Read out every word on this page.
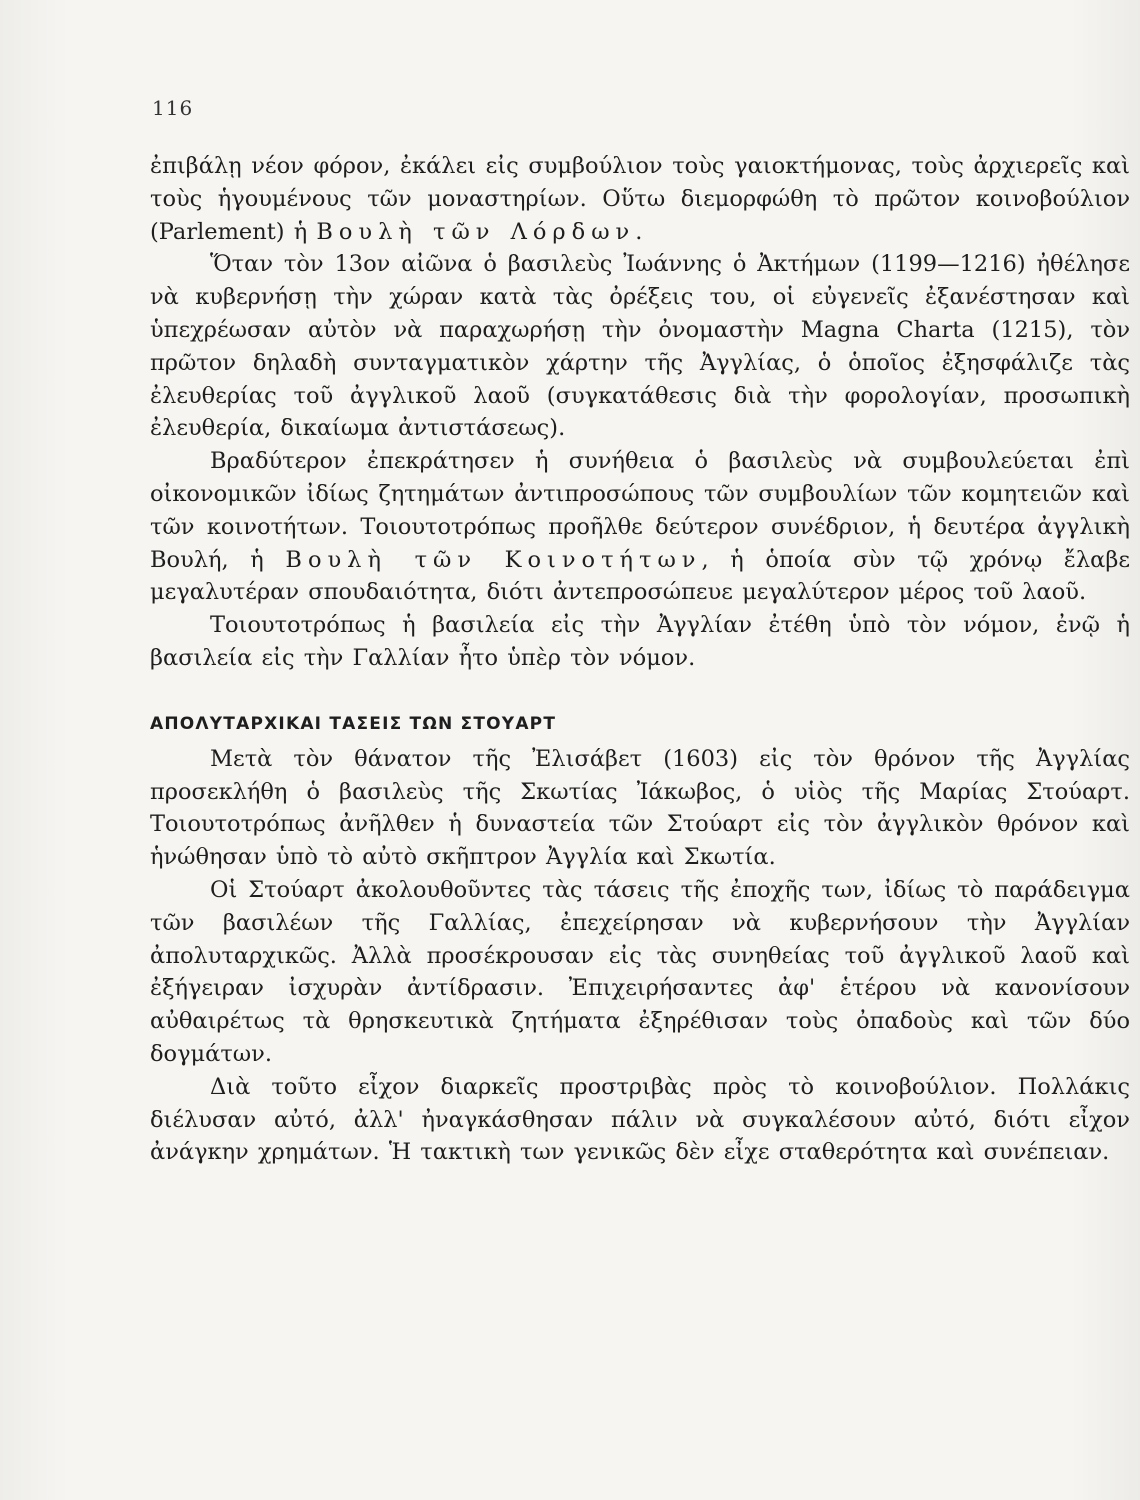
116

ἐπιβάλῃ νέον φόρον, ἐκάλει εἰς συμβούλιον τοὺς γαιοκτήμονας, τοὺς ἀρχιερεῖς καὶ τοὺς ἡγουμένους τῶν μοναστηρίων. Οὕτω διεμορφώθη τὸ πρῶτον κοινοβούλιον (Parlement) ἡ Βουλὴ τῶν Λόρδων.

Ὅταν τὸν 13ον αἰῶνα ὁ βασιλεὺς Ἰωάννης ὁ Ἀκτήμων (1199—1216) ἠθέλησε νὰ κυβερνήσῃ τὴν χώραν κατὰ τὰς ὀρέξεις του, οἱ εὐγενεῖς ἐξανέστησαν καὶ ὑπεχρέωσαν αὐτὸν νὰ παραχωρήσῃ τὴν ὀνομαστὴν Magna Charta (1215), τὸν πρῶτον δηλαδὴ συνταγματικὸν χάρτην τῆς Ἀγγλίας, ὁ ὁποῖος ἐξησφάλιζε τὰς ἐλευθερίας τοῦ ἀγγλικοῦ λαοῦ (συγκατάθεσις διὰ τὴν φορολογίαν, προσωπικὴ ἐλευθερία, δικαίωμα ἀντιστάσεως).

Βραδύτερον ἐπεκράτησεν ἡ συνήθεια ὁ βασιλεὺς νὰ συμβουλεύεται ἐπὶ οἰκονομικῶν ἰδίως ζητημάτων ἀντιπροσώπους τῶν συμβουλίων τῶν κομητειῶν καὶ τῶν κοινοτήτων. Τοιουτοτρόπως προῆλθε δεύτερον συνέδριον, ἡ δευτέρα ἀγγλικὴ Βουλή, ἡ Βουλὴ τῶν Κοινοτήτων, ἡ ὁποία σὺν τῷ χρόνῳ ἔλαβε μεγαλυτέραν σπουδαιότητα, διότι ἀντεπροσώπευε μεγαλύτερον μέρος τοῦ λαοῦ.

Τοιουτοτρόπως ἡ βασιλεία εἰς τὴν Ἀγγλίαν ἐτέθη ὑπὸ τὸν νόμον, ἐνῷ ἡ βασιλεία εἰς τὴν Γαλλίαν ἦτο ὑπὲρ τὸν νόμον.

ΑΠΟΛΥΤΑΡΧΙΚΑΙ ΤΑΣΕΙΣ ΤΩΝ ΣΤΟΥΑΡΤ

Μετὰ τὸν θάνατον τῆς Ἐλισάβετ (1603) εἰς τὸν θρόνον τῆς Ἀγγλίας προσεκλήθη ὁ βασιλεὺς τῆς Σκωτίας Ἰάκωβος, ὁ υἱὸς τῆς Μαρίας Στούαρτ. Τοιουτοτρόπως ἀνῆλθεν ἡ δυναστεία τῶν Στούαρτ εἰς τὸν ἀγγλικὸν θρόνον καὶ ἡνώθησαν ὑπὸ τὸ αὐτὸ σκῆπτρον Ἀγγλία καὶ Σκωτία.

Οἱ Στούαρτ ἀκολουθοῦντες τὰς τάσεις τῆς ἐποχῆς των, ἰδίως τὸ παράδειγμα τῶν βασιλέων τῆς Γαλλίας, ἐπεχείρησαν νὰ κυβερνήσουν τὴν Ἀγγλίαν ἀπολυταρχικῶς. Ἀλλὰ προσέκρουσαν εἰς τὰς συνηθείας τοῦ ἀγγλικοῦ λαοῦ καὶ ἐξήγειραν ἰσχυρὰν ἀντίδρασιν. Ἐπιχειρήσαντες ἀφ' ἑτέρου νὰ κανονίσουν αὐθαιρέτως τὰ θρησκευτικὰ ζητήματα ἐξηρέθισαν τοὺς ὀπαδοὺς καὶ τῶν δύο δογμάτων.

Διὰ τοῦτο εἶχον διαρκεῖς προστριβὰς πρὸς τὸ κοινοβούλιον. Πολλάκις διέλυσαν αὐτό, ἀλλ' ἠναγκάσθησαν πάλιν νὰ συγκαλέσουν αὐτό, διότι εἶχον ἀνάγκην χρημάτων. Ἡ τακτικὴ των γενικῶς δὲν εἶχε σταθερότητα καὶ συνέπειαν.
